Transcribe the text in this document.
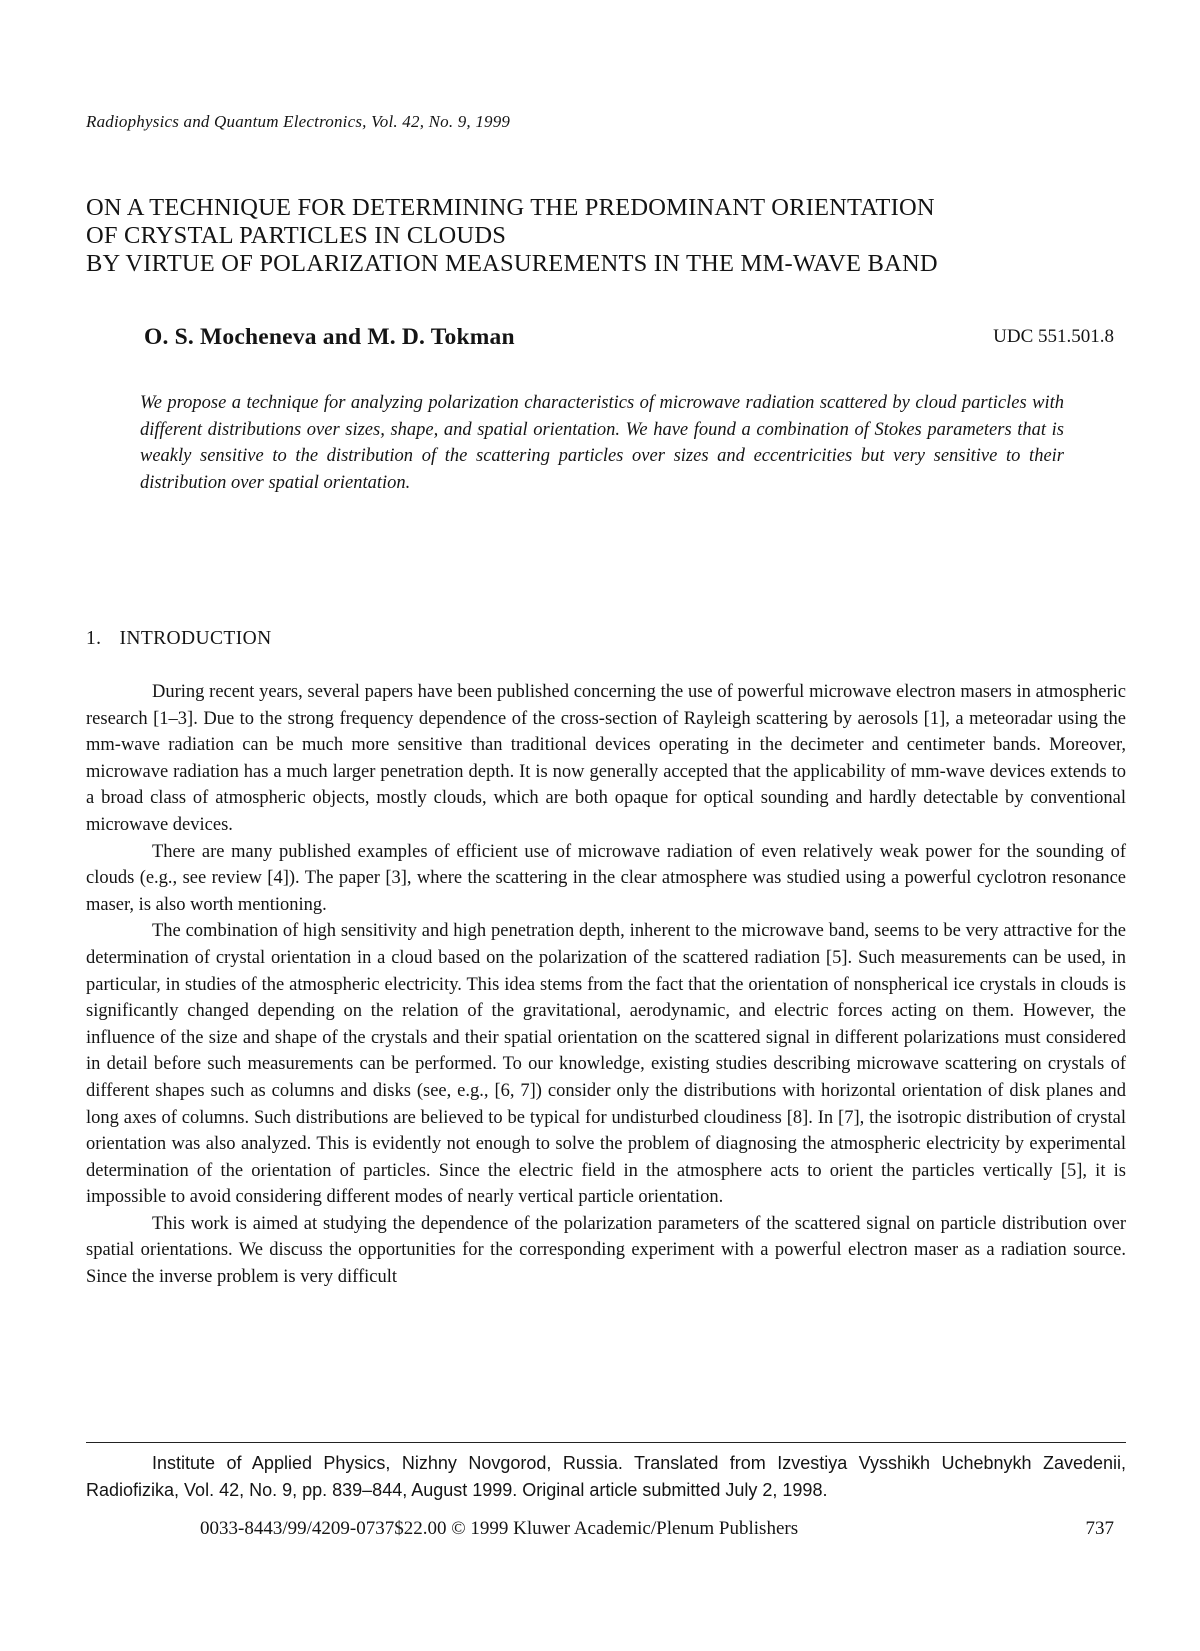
Radiophysics and Quantum Electronics, Vol. 42, No. 9, 1999
ON A TECHNIQUE FOR DETERMINING THE PREDOMINANT ORIENTATION
OF CRYSTAL PARTICLES IN CLOUDS
BY VIRTUE OF POLARIZATION MEASUREMENTS IN THE MM-WAVE BAND
O. S. Mocheneva and M. D. Tokman	UDC 551.501.8
We propose a technique for analyzing polarization characteristics of microwave radiation scattered by cloud particles with different distributions over sizes, shape, and spatial orientation. We have found a combination of Stokes parameters that is weakly sensitive to the distribution of the scattering particles over sizes and eccentricities but very sensitive to their distribution over spatial orientation.
1. INTRODUCTION

During recent years, several papers have been published concerning the use of powerful microwave electron masers in atmospheric research [1–3]. Due to the strong frequency dependence of the cross-section of Rayleigh scattering by aerosols [1], a meteoradar using the mm-wave radiation can be much more sensitive than traditional devices operating in the decimeter and centimeter bands. Moreover, microwave radiation has a much larger penetration depth. It is now generally accepted that the applicability of mm-wave devices extends to a broad class of atmospheric objects, mostly clouds, which are both opaque for optical sounding and hardly detectable by conventional microwave devices.

There are many published examples of efficient use of microwave radiation of even relatively weak power for the sounding of clouds (e.g., see review [4]). The paper [3], where the scattering in the clear atmosphere was studied using a powerful cyclotron resonance maser, is also worth mentioning.

The combination of high sensitivity and high penetration depth, inherent to the microwave band, seems to be very attractive for the determination of crystal orientation in a cloud based on the polarization of the scattered radiation [5]. Such measurements can be used, in particular, in studies of the atmospheric electricity. This idea stems from the fact that the orientation of nonspherical ice crystals in clouds is significantly changed depending on the relation of the gravitational, aerodynamic, and electric forces acting on them. However, the influence of the size and shape of the crystals and their spatial orientation on the scattered signal in different polarizations must considered in detail before such measurements can be performed. To our knowledge, existing studies describing microwave scattering on crystals of different shapes such as columns and disks (see, e.g., [6, 7]) consider only the distributions with horizontal orientation of disk planes and long axes of columns. Such distributions are believed to be typical for undisturbed cloudiness [8]. In [7], the isotropic distribution of crystal orientation was also analyzed. This is evidently not enough to solve the problem of diagnosing the atmospheric electricity by experimental determination of the orientation of particles. Since the electric field in the atmosphere acts to orient the particles vertically [5], it is impossible to avoid considering different modes of nearly vertical particle orientation.

This work is aimed at studying the dependence of the polarization parameters of the scattered signal on particle distribution over spatial orientations. We discuss the opportunities for the corresponding experiment with a powerful electron maser as a radiation source. Since the inverse problem is very difficult

Institute of Applied Physics, Nizhny Novgorod, Russia. Translated from Izvestiya Vysshikh Uchebnykh Zavedenii, Radiofizika, Vol. 42, No. 9, pp. 839–844, August 1999. Original article submitted July 2, 1998.

0033-8443/99/4209-0737$22.00 © 1999 Kluwer Academic/Plenum Publishers	737
